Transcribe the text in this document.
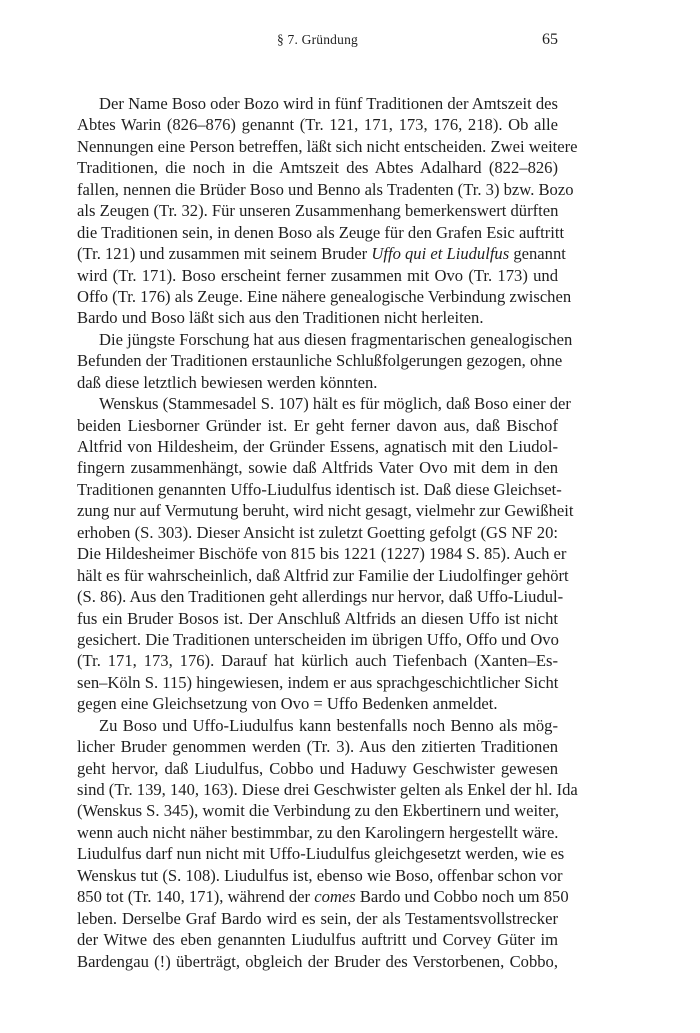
§ 7. Gründung	65
Der Name Boso oder Bozo wird in fünf Traditionen der Amtszeit des
Abtes Warin (826–876) genannt (Tr. 121, 171, 173, 176, 218). Ob alle
Nennungen eine Person betreffen, läßt sich nicht entscheiden. Zwei weitere
Traditionen, die noch in die Amtszeit des Abtes Adalhard (822–826)
fallen, nennen die Brüder Boso und Benno als Tradenten (Tr. 3) bzw. Bozo
als Zeugen (Tr. 32). Für unseren Zusammenhang bemerkenswert dürften
die Traditionen sein, in denen Boso als Zeuge für den Grafen Esic auftritt
(Tr. 121) und zusammen mit seinem Bruder Uffo qui et Liudulfus genannt
wird (Tr. 171). Boso erscheint ferner zusammen mit Ovo (Tr. 173) und
Offo (Tr. 176) als Zeuge. Eine nähere genealogische Verbindung zwischen
Bardo und Boso läßt sich aus den Traditionen nicht herleiten.
Die jüngste Forschung hat aus diesen fragmentarischen genealogischen
Befunden der Traditionen erstaunliche Schlußfolgerungen gezogen, ohne
daß diese letztlich bewiesen werden könnten.
Wenskus (Stammesadel S. 107) hält es für möglich, daß Boso einer der
beiden Liesborner Gründer ist. Er geht ferner davon aus, daß Bischof
Altfrid von Hildesheim, der Gründer Essens, agnatisch mit den Liudol-
fingern zusammenhängt, sowie daß Altfrids Vater Ovo mit dem in den
Traditionen genannten Uffo-Liudulfus identisch ist. Daß diese Gleichset-
zung nur auf Vermutung beruht, wird nicht gesagt, vielmehr zur Gewißheit
erhoben (S. 303). Dieser Ansicht ist zuletzt Goetting gefolgt (GS NF 20:
Die Hildesheimer Bischöfe von 815 bis 1221 (1227) 1984 S. 85). Auch er
hält es für wahrscheinlich, daß Altfrid zur Familie der Liudolfinger gehört
(S. 86). Aus den Traditionen geht allerdings nur hervor, daß Uffo-Liudul-
fus ein Bruder Bosos ist. Der Anschluß Altfrids an diesen Uffo ist nicht
gesichert. Die Traditionen unterscheiden im übrigen Uffo, Offo und Ovo
(Tr. 171, 173, 176). Darauf hat kürlich auch Tiefenbach (Xanten–Es-
sen–Köln S. 115) hingewiesen, indem er aus sprachgeschichtlicher Sicht
gegen eine Gleichsetzung von Ovo = Uffo Bedenken anmeldet.
Zu Boso und Uffo-Liudulfus kann bestenfalls noch Benno als mög-
licher Bruder genommen werden (Tr. 3). Aus den zitierten Traditionen
geht hervor, daß Liudulfus, Cobbo und Haduwy Geschwister gewesen
sind (Tr. 139, 140, 163). Diese drei Geschwister gelten als Enkel der hl. Ida
(Wenskus S. 345), womit die Verbindung zu den Ekbertinern und weiter,
wenn auch nicht näher bestimmbar, zu den Karolingern hergestellt wäre.
Liudulfus darf nun nicht mit Uffo-Liudulfus gleichgesetzt werden, wie es
Wenskus tut (S. 108). Liudulfus ist, ebenso wie Boso, offenbar schon vor
850 tot (Tr. 140, 171), während der comes Bardo und Cobbo noch um 850
leben. Derselbe Graf Bardo wird es sein, der als Testamentsvollstrecker
der Witwe des eben genannten Liudulfus auftritt und Corvey Güter im
Bardengau (!) überträgt, obgleich der Bruder des Verstorbenen, Cobbo,
